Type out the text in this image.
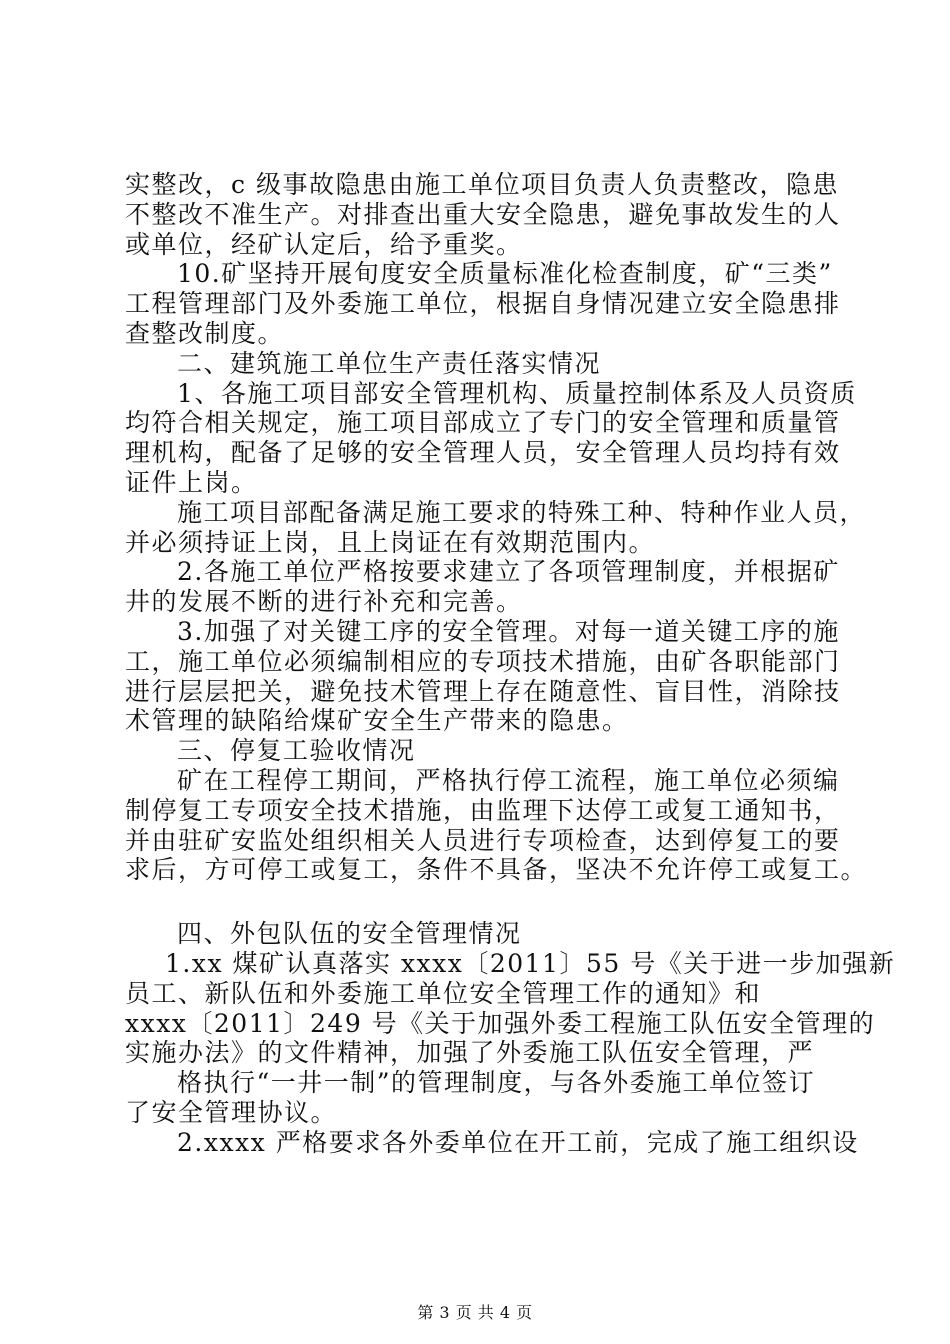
实整改，c 级事故隐患由施工单位项目负责人负责整改，隐患
不整改不准生产。对排查出重大安全隐患，避免事故发生的人
或单位，经矿认定后，给予重奖。
10.矿坚持开展旬度安全质量标准化检查制度，矿“三类”
工程管理部门及外委施工单位，根据自身情况建立安全隐患排
查整改制度。
二、建筑施工单位生产责任落实情况
1、各施工项目部安全管理机构、质量控制体系及人员资质
均符合相关规定，施工项目部成立了专门的安全管理和质量管
理机构，配备了足够的安全管理人员，安全管理人员均持有效
证件上岗。
施工项目部配备满足施工要求的特殊工种、特种作业人员，
并必须持证上岗，且上岗证在有效期范围内。
2.各施工单位严格按要求建立了各项管理制度，并根据矿
井的发展不断的进行补充和完善。
3.加强了对关键工序的安全管理。对每一道关键工序的施
工，施工单位必须编制相应的专项技术措施，由矿各职能部门
进行层层把关，避免技术管理上存在随意性、盲目性，消除技
术管理的缺陷给煤矿安全生产带来的隐患。
三、停复工验收情况
矿在工程停工期间，严格执行停工流程，施工单位必须编
制停复工专项安全技术措施，由监理下达停工或复工通知书，
并由驻矿安监处组织相关人员进行专项检查，达到停复工的要
求后，方可停工或复工，条件不具备，坚决不允许停工或复工。
四、外包队伍的安全管理情况
1.xx 煤矿认真落实 xxxx〔2011〕55 号《关于进一步加强新
员工、新队伍和外委施工单位安全管理工作的通知》和
xxxx〔2011〕249 号《关于加强外委工程施工队伍安全管理的
实施办法》的文件精神，加强了外委施工队伍安全管理，严
格执行“一井一制”的管理制度，与各外委施工单位签订
了安全管理协议。
2.xxxx 严格要求各外委单位在开工前，完成了施工组织设
第 3 页 共 4 页
